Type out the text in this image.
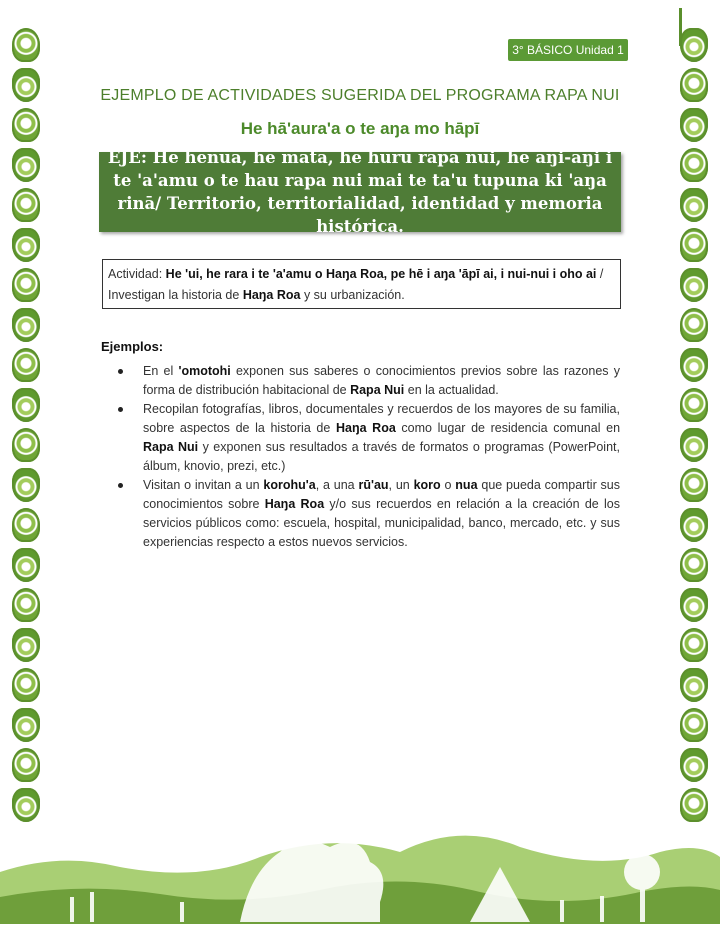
3° BÁSICO Unidad 1
EJEMPLO DE ACTIVIDADES SUGERIDA DEL PROGRAMA RAPA NUI
He hā'aura'a o te aŋa mo hāpī
EJE: He henua, he mata, he huru rapa nui, he aŋi-aŋi i te 'a'amu o te hau rapa nui mai te ta'u tupuna ki 'aŋa rinā/ Territorio, territorialidad, identidad y memoria histórica.
Actividad: He 'ui, he rara i te 'a'amu o Haŋa Roa, pe hē i aŋa 'āpī ai, i nui-nui i oho ai / Investigan la historia de Haŋa Roa y su urbanización.
Ejemplos:
En el 'omotohi exponen sus saberes o conocimientos previos sobre las razones y forma de distribución habitacional de Rapa Nui en la actualidad.
Recopilan fotografías, libros, documentales y recuerdos de los mayores de su familia, sobre aspectos de la historia de Haŋa Roa como lugar de residencia comunal en Rapa Nui y exponen sus resultados a través de formatos o programas (PowerPoint, álbum, knovio, prezi, etc.)
Visitan o invitan a un korohu'a, a una rū'au, un koro o nua que pueda compartir sus conocimientos sobre Haŋa Roa y/o sus recuerdos en relación a la creación de los servicios públicos como: escuela, hospital, municipalidad, banco, mercado, etc. y sus experiencias respecto a estos nuevos servicios.
